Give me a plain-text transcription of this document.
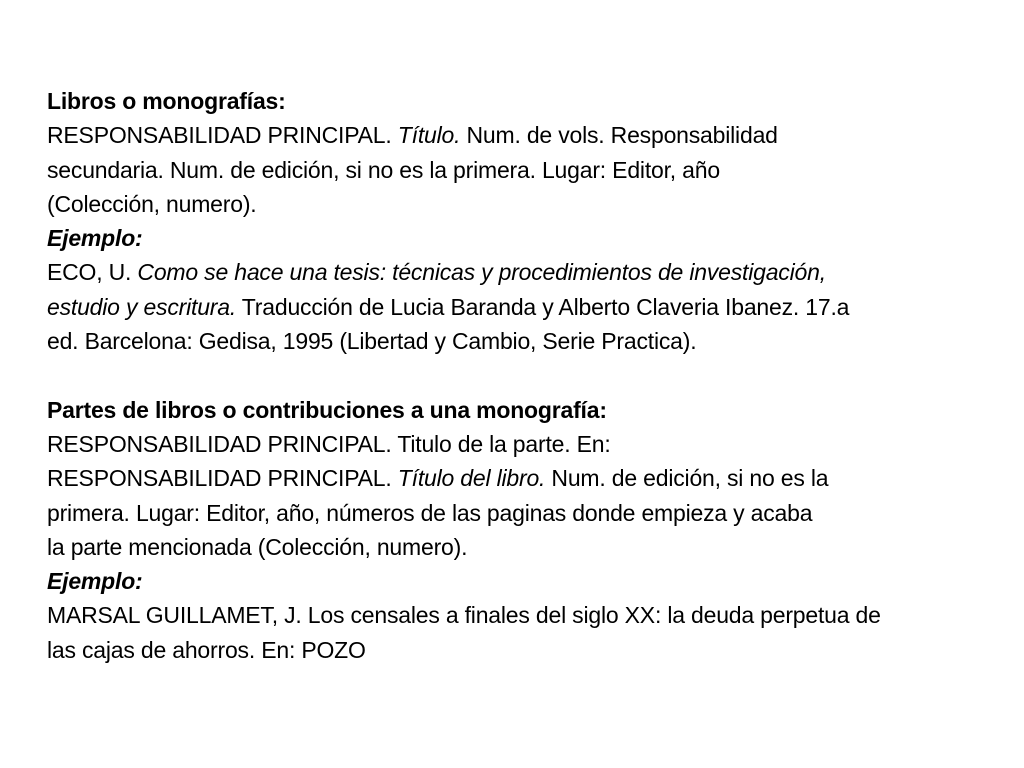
Libros o monografías:
RESPONSABILIDAD PRINCIPAL. Título. Num. de vols. Responsabilidad
secundaria. Num. de edición, si no es la primera. Lugar: Editor, año
(Colección, numero).
Ejemplo:
ECO, U. Como se hace una tesis: técnicas y procedimientos de investigación,
estudio y escritura. Traducción de Lucia Baranda y Alberto Claveria Ibanez. 17.a
ed. Barcelona: Gedisa, 1995 (Libertad y Cambio, Serie Practica).
Partes de libros o contribuciones a una monografía:
RESPONSABILIDAD PRINCIPAL. Titulo de la parte. En:
RESPONSABILIDAD PRINCIPAL. Título del libro. Num. de edición, si no es la
primera. Lugar: Editor, año, números de las paginas donde empieza y acaba
la parte mencionada (Colección, numero).
Ejemplo:
MARSAL GUILLAMET, J. Los censales a finales del siglo XX: la deuda perpetua de
las cajas de ahorros. En: POZO
